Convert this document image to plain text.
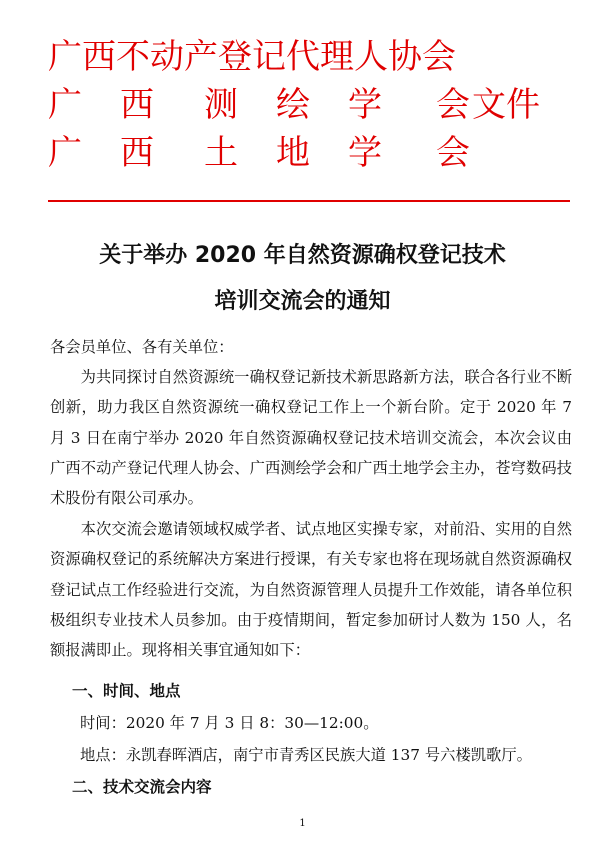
广西不动产登记代理人协会
广 西 测 绘 学 会 文件
广 西 土 地 学 会
关于举办 2020 年自然资源确权登记技术
培训交流会的通知
各会员单位、各有关单位：

为共同探讨自然资源统一确权登记新技术新思路新方法，联合各行业不断创新，助力我区自然资源统一确权登记工作上一个新台阶。定于 2020 年 7 月 3 日在南宁举办 2020 年自然资源确权登记技术培训交流会，本次会议由广西不动产登记代理人协会、广西测绘学会和广西土地学会主办，苍穹数码技术股份有限公司承办。

本次交流会邀请领域权威学者、试点地区实操专家，对前沿、实用的自然资源确权登记的系统解决方案进行授课，有关专家也将在现场就自然资源确权登记试点工作经验进行交流，为自然资源管理人员提升工作效能，请各单位积极组织专业技术人员参加。由于疫情期间，暂定参加研讨人数为 150 人，名额报满即止。现将相关事宜通知如下：

一、时间、地点
时间：2020 年 7 月 3 日 8：30—12:00。
地点：永凯春晖酒店，南宁市青秀区民族大道 137 号六楼凯歌厅。
二、技术交流会内容
1
